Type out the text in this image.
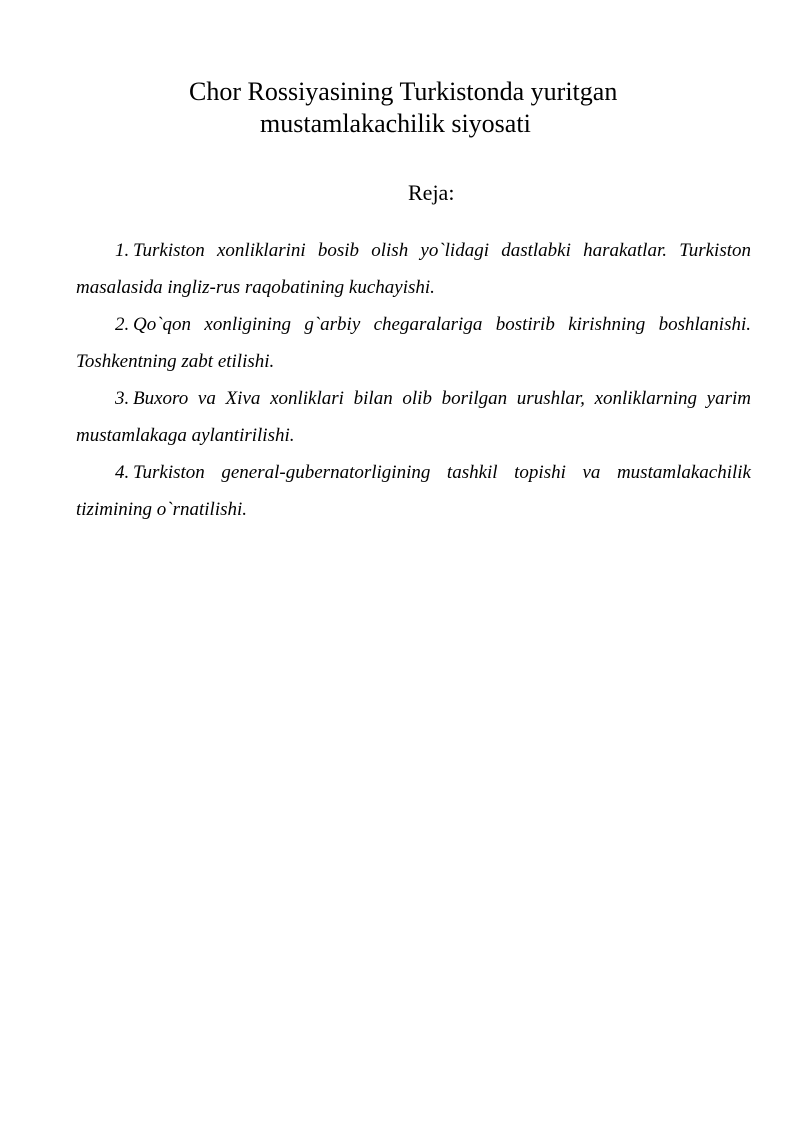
Chor Rossiyasining Turkistonda yuritgan
mustamlakachilik siyosati
Reja:
1. Turkiston xonliklarini bosib olish yo`lidagi dastlabki harakatlar. Turkiston masalasida ingliz-rus raqobatining kuchayishi.
2. Qo`qon xonligining g`arbiy chegaralariga bostirib kirishning boshlanishi. Toshkentning zabt etilishi.
3. Buxoro va Xiva xonliklari bilan olib borilgan urushlar, xonliklarning yarim mustamlakaga aylantirilishi.
4. Turkiston general-gubernatorligining tashkil topishi va mustamlakachilik tizimining o`rnatilishi.
